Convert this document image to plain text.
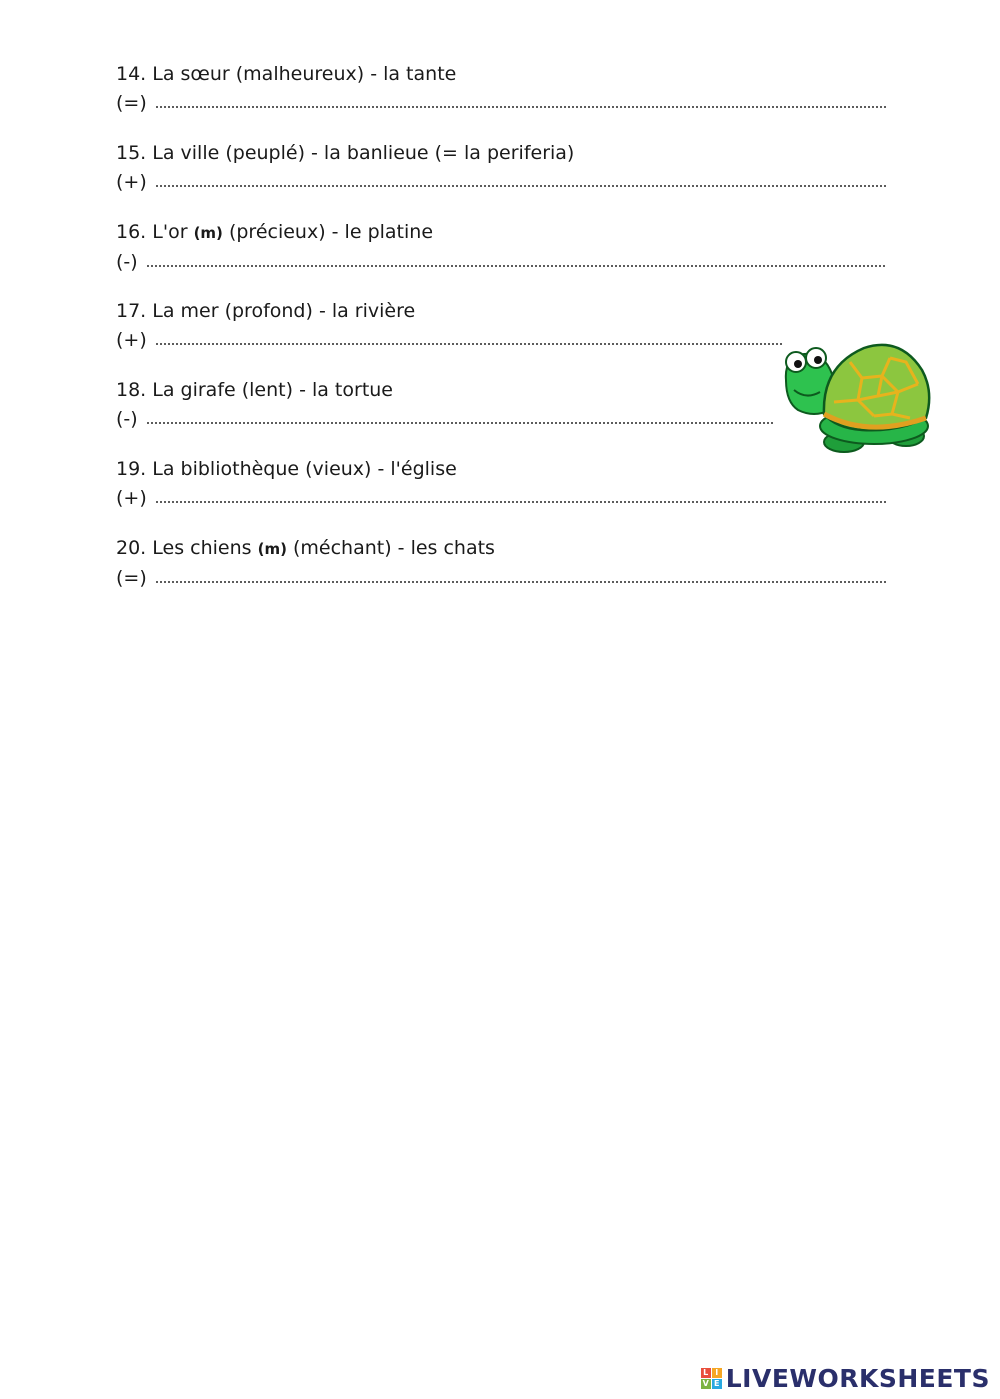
14. La sœur (malheureux) - la tante
(=)
15. La ville (peuplé) - la banlieue (= la periferia)
(+)
16. L'or (m) (précieux) - le platine
(-)
17. La mer (profond) - la rivière
(+)
18. La girafe (lent) - la tortue
(-)
19. La bibliothèque (vieux) - l'église
(+)
20. Les chiens (m) (méchant) - les chats
(=)
L I
V E LIVEWORKSHEETS
